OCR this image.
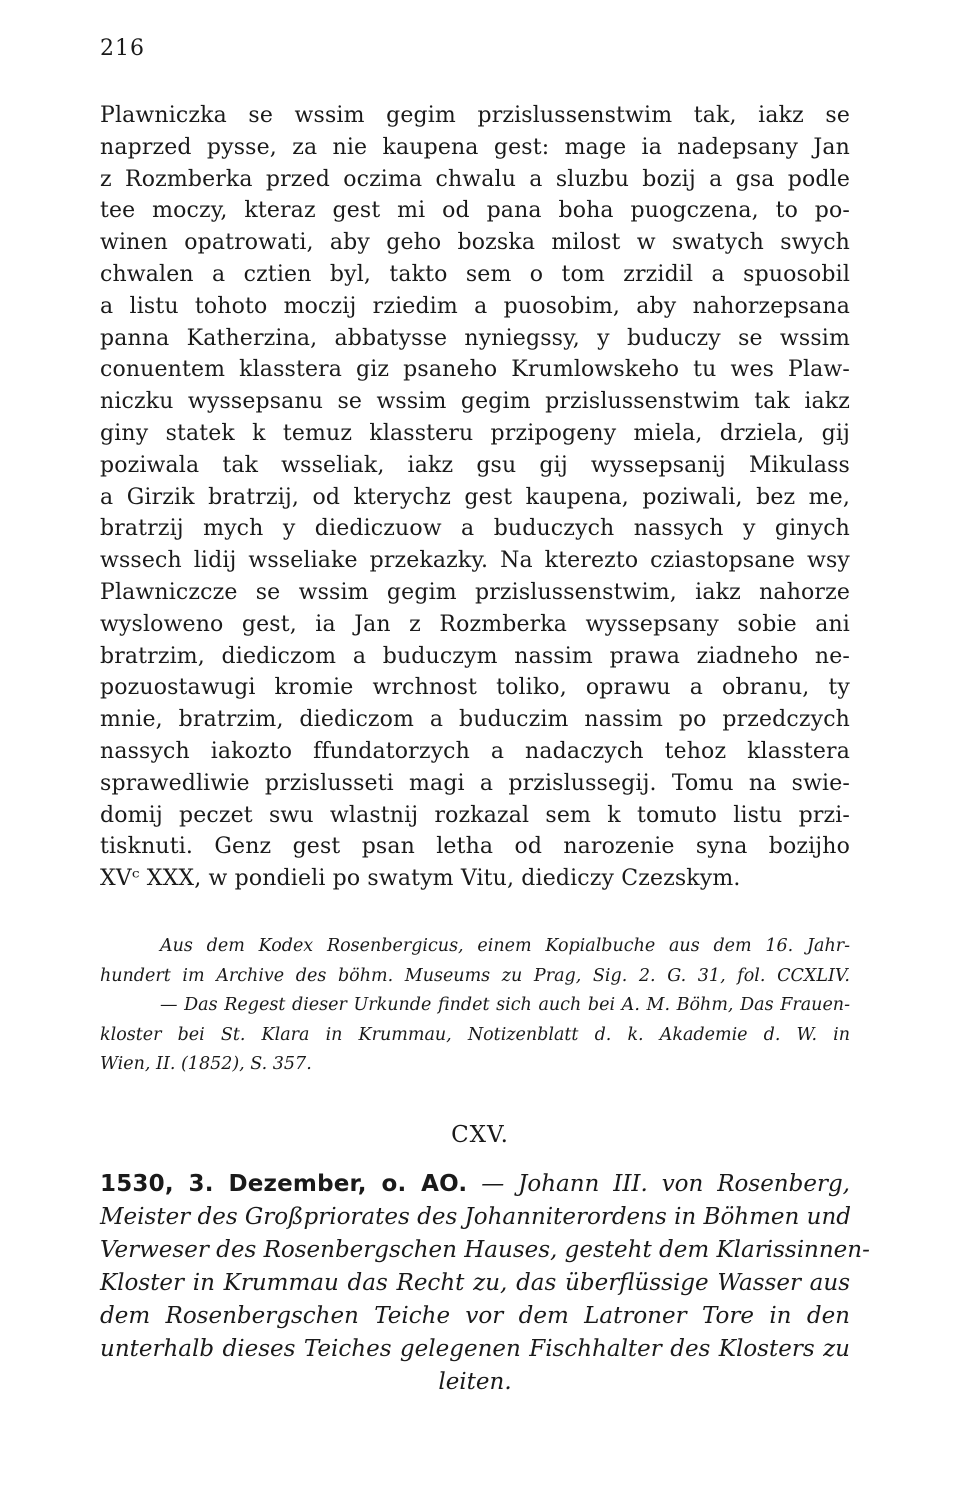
216
Plawniczka se wssim gegim przislussenstwim tak, iakz se
naprzed pysse, za nie kaupena gest: mage ia nadepsany Jan
z Rozmberka przed oczima chwalu a sluzbu bozij a gsa podle
tee moczy, kteraz gest mi od pana boha puogczena, to po-
winen opatrowati, aby geho bozska milost w swatych swych
chwalen a cztien byl, takto sem o tom zrzidil a spuosobil
a listu tohoto moczij rziedim a puosobim, aby nahorzepsana
panna Katherzina, abbatysse nyniegssy, y buduczy se wssim
conuentem klasstera giz psaneho Krumlowskeho tu wes Plaw-
niczku wyssepsanu se wssim gegim przislussenstwim tak iakz
giny statek k temuz klassteru przipogeny miela, drziela, gij
poziwala tak wsseliak, iakz gsu gij wyssepsanij Mikulass
a Girzik bratrzij, od kterychz gest kaupena, poziwali, bez me,
bratrzij mych y diediczuow a buduczych nassych y ginych
wssech lidij wsseliake przekazky. Na kterezto cziastopsane wsy
Plawniczcze se wssim gegim przislussenstwim, iakz nahorze
wysloweno gest, ia Jan z Rozmberka wyssepsany sobie ani
bratrzim, diediczom a buduczym nassim prawa ziadneho ne-
pozuostawugi kromie wrchnost toliko, oprawu a obranu, ty
mnie, bratrzim, diediczom a buduczim nassim po przedczych
nassych iakozto ffundatorzych a nadaczych tehoz klasstera
sprawedliwie przislusseti magi a przislussegij. Tomu na swie-
domij peczet swu wlastnij rozkazal sem k tomuto listu przi-
tisknuti. Genz gest psan letha od narozenie syna bozijho
XVᶜ XXX, w pondieli po swatym Vitu, diediczy Czezskym.
Aus dem Kodex Rosenbergicus, einem Kopialbuche aus dem 16. Jahr-
hundert im Archive des böhm. Museums zu Prag, Sig. 2. G. 31, fol. CCXLIV.
— Das Regest dieser Urkunde findet sich auch bei A. M. Böhm, Das Frauen-
kloster bei St. Klara in Krummau, Notizenblatt d. k. Akademie d. W. in
Wien, II. (1852), S. 357.
CXV.
1530, 3. Dezember, o. AO. — Johann III. von Rosenberg,
Meister des Großpriorates des Johanniterordens in Böhmen und
Verweser des Rosenbergschen Hauses, gesteht dem Klarissinnen-
Kloster in Krummau das Recht zu, das überflüssige Wasser aus
dem Rosenbergschen Teiche vor dem Latroner Tore in den
unterhalb dieses Teiches gelegenen Fischhalter des Klosters zu
leiten.
